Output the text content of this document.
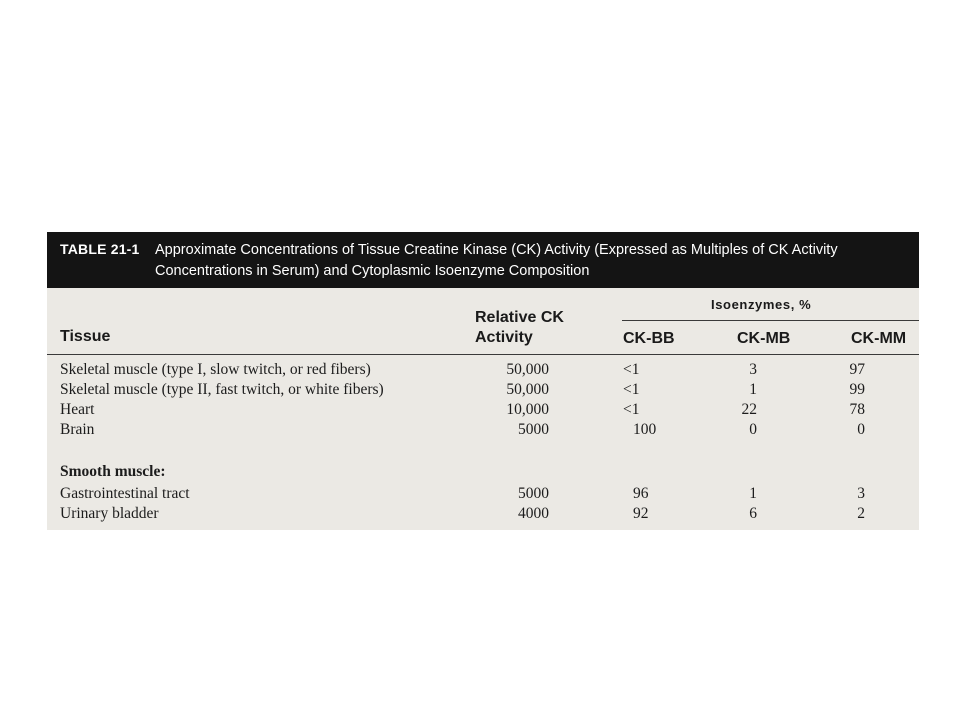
TABLE 21-1 Approximate Concentrations of Tissue Creatine Kinase (CK) Activity (Expressed as Multiples of CK Activity Concentrations in Serum) and Cytoplasmic Isoenzyme Composition
Tissue
Relative CK
Activity
Isoenzymes, %
CK-BB	CK-MB	CK-MM
Skeletal muscle (type I, slow twitch, or red fibers)	50,000	<1	3	97
Skeletal muscle (type II, fast twitch, or white fibers)	50,000	<1	1	99
Heart	10,000	<1	22	78
Brain	5000	100	0	0
Smooth muscle:
Gastrointestinal tract	5000	96	1	3
Urinary bladder	4000	92	6	2
